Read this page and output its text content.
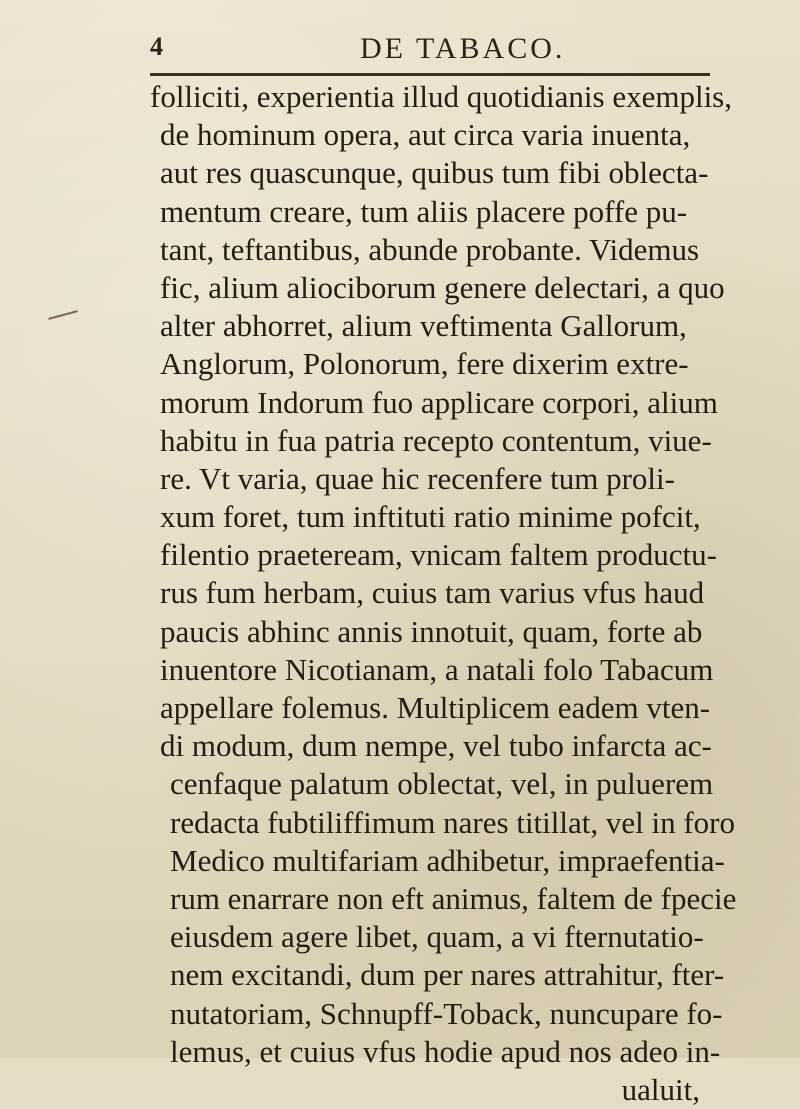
4	DE TABACO.
folliciti, experientia illud quotidianis exemplis,
de hominum opera, aut circa varia inuenta,
aut res quascunque, quibus tum fibi oblecta-
mentum creare, tum aliis placere poffe pu-
tant, teftantibus, abunde probante. Videmus
fic, alium aliociborum genere delectari, a quo
alter abhorret, alium veftimenta Gallorum,
Anglorum, Polonorum, fere dixerim extre-
morum Indorum fuo applicare corpori, alium
habitu in fua patria recepto contentum, viue-
re. Vt varia, quae hic recenfere tum proli-
xum foret, tum inftituti ratio minime pofcit,
filentio praeteream, vnicam faltem productu-
rus fum herbam, cuius tam varius vfus haud
paucis abhinc annis innotuit, quam, forte ab
inuentore Nicotianam, a natali folo Tabacum
appellare folemus. Multiplicem eadem vten-
di modum, dum nempe, vel tubo infarcta ac-
cenfaque palatum oblectat, vel, in puluerem
redacta fubtiliffimum nares titillat, vel in foro
Medico multifariam adhibetur, impraefentia-
rum enarrare non eft animus, faltem de fpecie
eiusdem agere libet, quam, a vi fternutatio-
nem excitandi, dum per nares attrahitur, fter-
nutatoriam, Schnupff-Toback, nuncupare fo-
lemus, et cuius vfus hodie apud nos adeo in-
ualuit,
